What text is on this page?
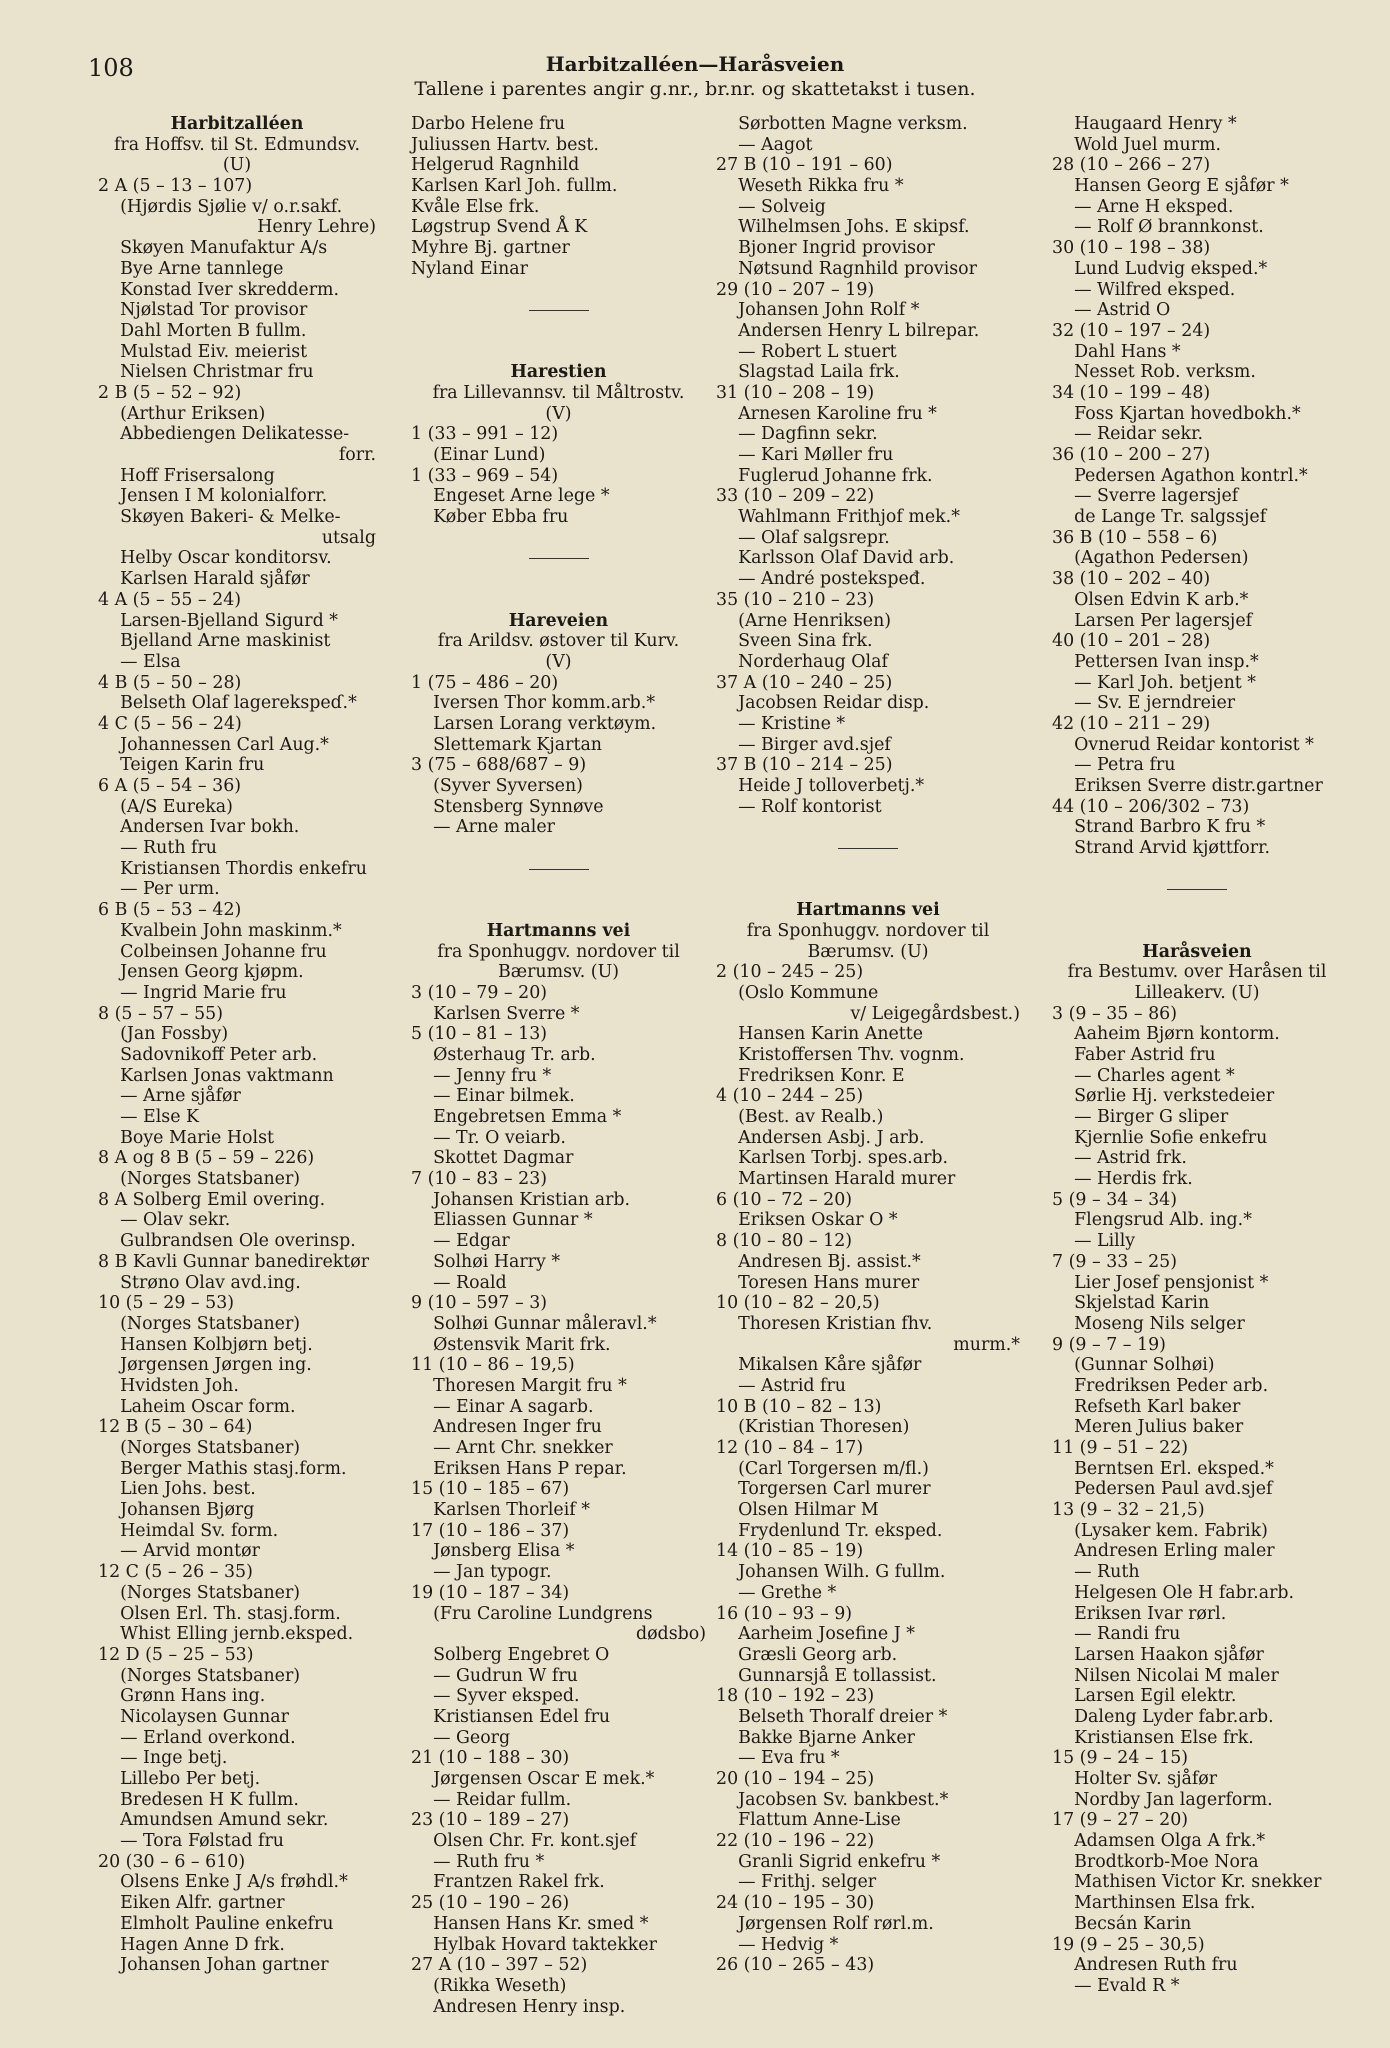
108	Harbitzalléen—Haråsveien
Tallene i parentes angir g.nr., br.nr. og skattetakst i tusen.
Harbitzalléen
fra Hoffsv. til St. Edmundsv.
(U)
2 A (5 – 13 – 107)
(Hjørdis Sjølie v/ o.r.sakf.
Henry Lehre)
Skøyen Manufaktur A/s
Bye Arne tannlege
Konstad Iver skredderm.
Njølstad Tor provisor
Dahl Morten B fullm.
Mulstad Eiv. meierist
Nielsen Christmar fru
2 B (5 – 52 – 92)
(Arthur Eriksen)
Abbediengen Delikatesse-
forr.
Hoff Frisersalong
Jensen I M kolonialforr.
Skøyen Bakeri- & Melke-
utsalg
Helby Oscar konditorsv.
Karlsen Harald sjåfør
4 A (5 – 55 – 24)
Larsen-Bjelland Sigurd *
Bjelland Arne maskinist
— Elsa
4 B (5 – 50 – 28)
Belseth Olaf lagerekspeɗ.*
4 C (5 – 56 – 24)
Johannessen Carl Aug.*
Teigen Karin fru
6 A (5 – 54 – 36)
(A/S Eureka)
Andersen Ivar bokh.
— Ruth fru
Kristiansen Thordis enkefru
— Per urm.
6 B (5 – 53 – 42)
Kvalbein John maskinm.*
Colbeinsen Johanne fru
Jensen Georg kjøpm.
— Ingrid Marie fru
8 (5 – 57 – 55)
(Jan Fossby)
Sadovnikoff Peter arb.
Karlsen Jonas vaktmann
— Arne sjåfør
— Else K
Boye Marie Holst
8 A og 8 B (5 – 59 – 226)
(Norges Statsbaner)
8 A Solberg Emil overing.
— Olav sekr.
Gulbrandsen Ole overinsp.
8 B Kavli Gunnar banedirektør
Strøno Olav avd.ing.
10 (5 – 29 – 53)
(Norges Statsbaner)
Hansen Kolbjørn betj.
Jørgensen Jørgen ing.
Hvidsten Joh.
Laheim Oscar form.
12 B (5 – 30 – 64)
(Norges Statsbaner)
Berger Mathis stasj.form.
Lien Johs. best.
Johansen Bjørg
Heimdal Sv. form.
— Arvid montør
12 C (5 – 26 – 35)
(Norges Statsbaner)
Olsen Erl. Th. stasj.form.
Whist Elling jernb.eksped.
12 D (5 – 25 – 53)
(Norges Statsbaner)
Grønn Hans ing.
Nicolaysen Gunnar
— Erland overkond.
— Inge betj.
Lillebo Per betj.
Bredesen H K fullm.
Amundsen Amund sekr.
— Tora Følstad fru
20 (30 – 6 – 610)
Olsens Enke J A/s frøhdl.*
Eiken Alfr. gartner
Elmholt Pauline enkefru
Hagen Anne D frk.
Johansen Johan gartner
Darbo Helene fru
Juliussen Hartv. best.
Helgerud Ragnhild
Karlsen Karl Joh. fullm.
Kvåle Else frk.
Løgstrup Svend Å K
Myhre Bj. gartner
Nyland Einar

Harestien
fra Lillevannsv. til Måltrostv.
(V)
1 (33 – 991 – 12)
(Einar Lund)
1 (33 – 969 – 54)
Engeset Arne lege *
Køber Ebba fru

Hareveien
fra Arildsv. østover til Kurv.
(V)
1 (75 – 486 – 20)
Iversen Thor komm.arb.*
Larsen Lorang verktøym.
Slettemark Kjartan
3 (75 – 688/687 – 9)
(Syver Syversen)
Stensberg Synnøve
— Arne maler

Hartmanns vei
fra Sponhuggv. nordover til
Bærumsv. (U)
3 (10 – 79 – 20)
Karlsen Sverre *
5 (10 – 81 – 13)
Østerhaug Tr. arb.
— Jenny fru *
— Einar bilmek.
Engebretsen Emma *
— Tr. O veiarb.
Skottet Dagmar
7 (10 – 83 – 23)
Johansen Kristian arb.
Eliassen Gunnar *
— Edgar
Solhøi Harry *
— Roald
9 (10 – 597 – 3)
Solhøi Gunnar måleravl.*
Østensvik Marit frk.
11 (10 – 86 – 19,5)
Thoresen Margit fru *
— Einar A sagarb.
Andresen Inger fru
— Arnt Chr. snekker
Eriksen Hans P repar.
15 (10 – 185 – 67)
Karlsen Thorleif *
17 (10 – 186 – 37)
Jønsberg Elisa *
— Jan typogr.
19 (10 – 187 – 34)
(Fru Caroline Lundgrens
dødsbo)
Solberg Engebret O
— Gudrun W fru
— Syver eksped.
Kristiansen Edel fru
— Georg
21 (10 – 188 – 30)
Jørgensen Oscar E mek.*
— Reidar fullm.
23 (10 – 189 – 27)
Olsen Chr. Fr. kont.sjef
— Ruth fru *
Frantzen Rakel frk.
25 (10 – 190 – 26)
Hansen Hans Kr. smed *
Hylbak Hovard taktekker
27 A (10 – 397 – 52)
(Rikka Weseth)
Andresen Henry insp.
Sørbotten Magne verksm.
— Aagot
27 B (10 – 191 – 60)
Weseth Rikka fru *
— Solveig
Wilhelmsen Johs. E skipsf.
Bjoner Ingrid provisor
Nøtsund Ragnhild provisor
29 (10 – 207 – 19)
Johansen John Rolf *
Andersen Henry L bilrepar.
— Robert L stuert
Slagstad Laila frk.
31 (10 – 208 – 19)
Arnesen Karoline fru *
— Dagfinn sekr.
— Kari Møller fru
Fuglerud Johanne frk.
33 (10 – 209 – 22)
Wahlmann Frithjof mek.*
— Olaf salgsrepr.
Karlsson Olaf David arb.
— André postekspeđ.
35 (10 – 210 – 23)
(Arne Henriksen)
Sveen Sina frk.
Norderhaug Olaf
37 A (10 – 240 – 25)
Jacobsen Reidar disp.
— Kristine *
— Birger avd.sjef
37 B (10 – 214 – 25)
Heide J tolloverbetj.*
— Rolf kontorist

Hartmanns vei
fra Sponhuggv. nordover til
Bærumsv. (U)
2 (10 – 245 – 25)
(Oslo Kommune
v/ Leigegårdsbest.)
Hansen Karin Anette
Kristoffersen Thv. vognm.
Fredriksen Konr. E
4 (10 – 244 – 25)
(Best. av Realb.)
Andersen Asbj. J arb.
Karlsen Torbj. spes.arb.
Martinsen Harald murer
6 (10 – 72 – 20)
Eriksen Oskar O *
8 (10 – 80 – 12)
Andresen Bj. assist.*
Toresen Hans murer
10 (10 – 82 – 20,5)
Thoresen Kristian fhv.
murm.*
Mikalsen Kåre sjåfør
— Astrid fru
10 B (10 – 82 – 13)
(Kristian Thoresen)
12 (10 – 84 – 17)
(Carl Torgersen m/fl.)
Torgersen Carl murer
Olsen Hilmar M
Frydenlund Tr. eksped.
14 (10 – 85 – 19)
Johansen Wilh. G fullm.
— Grethe *
16 (10 – 93 – 9)
Aarheim Josefine J *
Græsli Georg arb.
Gunnarsjå E tollassist.
18 (10 – 192 – 23)
Belseth Thoralf dreier *
Bakke Bjarne Anker
— Eva fru *
20 (10 – 194 – 25)
Jacobsen Sv. bankbest.*
Flattum Anne-Lise
22 (10 – 196 – 22)
Granli Sigrid enkefru *
— Frithj. selger
24 (10 – 195 – 30)
Jørgensen Rolf rørl.m.
— Hedvig *
26 (10 – 265 – 43)
Haugaard Henry *
Wold Juel murm.
28 (10 – 266 – 27)
Hansen Georg E sjåfør *
— Arne H eksped.
— Rolf Ø brannkonst.
30 (10 – 198 – 38)
Lund Ludvig eksped.*
— Wilfred eksped.
— Astrid O
32 (10 – 197 – 24)
Dahl Hans *
Nesset Rob. verksm.
34 (10 – 199 – 48)
Foss Kjartan hovedbokh.*
— Reidar sekr.
36 (10 – 200 – 27)
Pedersen Agathon kontrl.*
— Sverre lagersjef
de Lange Tr. salgssjef
36 B (10 – 558 – 6)
(Agathon Pedersen)
38 (10 – 202 – 40)
Olsen Edvin K arb.*
Larsen Per lagersjef
40 (10 – 201 – 28)
Pettersen Ivan insp.*
— Karl Joh. betjent *
— Sv. E jerndreier
42 (10 – 211 – 29)
Ovnerud Reidar kontorist *
— Petra fru
Eriksen Sverre distr.gartner
44 (10 – 206/302 – 73)
Strand Barbro K fru *
Strand Arvid kjøttforr.

Haråsveien
fra Bestumv. over Haråsen til
Lilleakerv. (U)
3 (9 – 35 – 86)
Aaheim Bjørn kontorm.
Faber Astrid fru
— Charles agent *
Sørlie Hj. verkstedeier
— Birger G sliper
Kjernlie Sofie enkefru
— Astrid frk.
— Herdis frk.
5 (9 – 34 – 34)
Flengsrud Alb. ing.*
— Lilly
7 (9 – 33 – 25)
Lier Josef pensjonist *
Skjelstad Karin
Moseng Nils selger
9 (9 – 7 – 19)
(Gunnar Solhøi)
Fredriksen Peder arb.
Refseth Karl baker
Meren Julius baker
11 (9 – 51 – 22)
Berntsen Erl. eksped.*
Pedersen Paul avd.sjef
13 (9 – 32 – 21,5)
(Lysaker kem. Fabrik)
Andresen Erling maler
— Ruth
Helgesen Ole H fabr.arb.
Eriksen Ivar rørl.
— Randi fru
Larsen Haakon sjåfør
Nilsen Nicolai M maler
Larsen Egil elektr.
Daleng Lyder fabr.arb.
Kristiansen Else frk.
15 (9 – 24 – 15)
Holter Sv. sjåfør
Nordby Jan lagerform.
17 (9 – 27 – 20)
Adamsen Olga A frk.*
Brodtkorb-Moe Nora
Mathisen Victor Kr. snekker
Marthinsen Elsa frk.
Becsán Karin
19 (9 – 25 – 30,5)
Andresen Ruth fru
— Evald R *
